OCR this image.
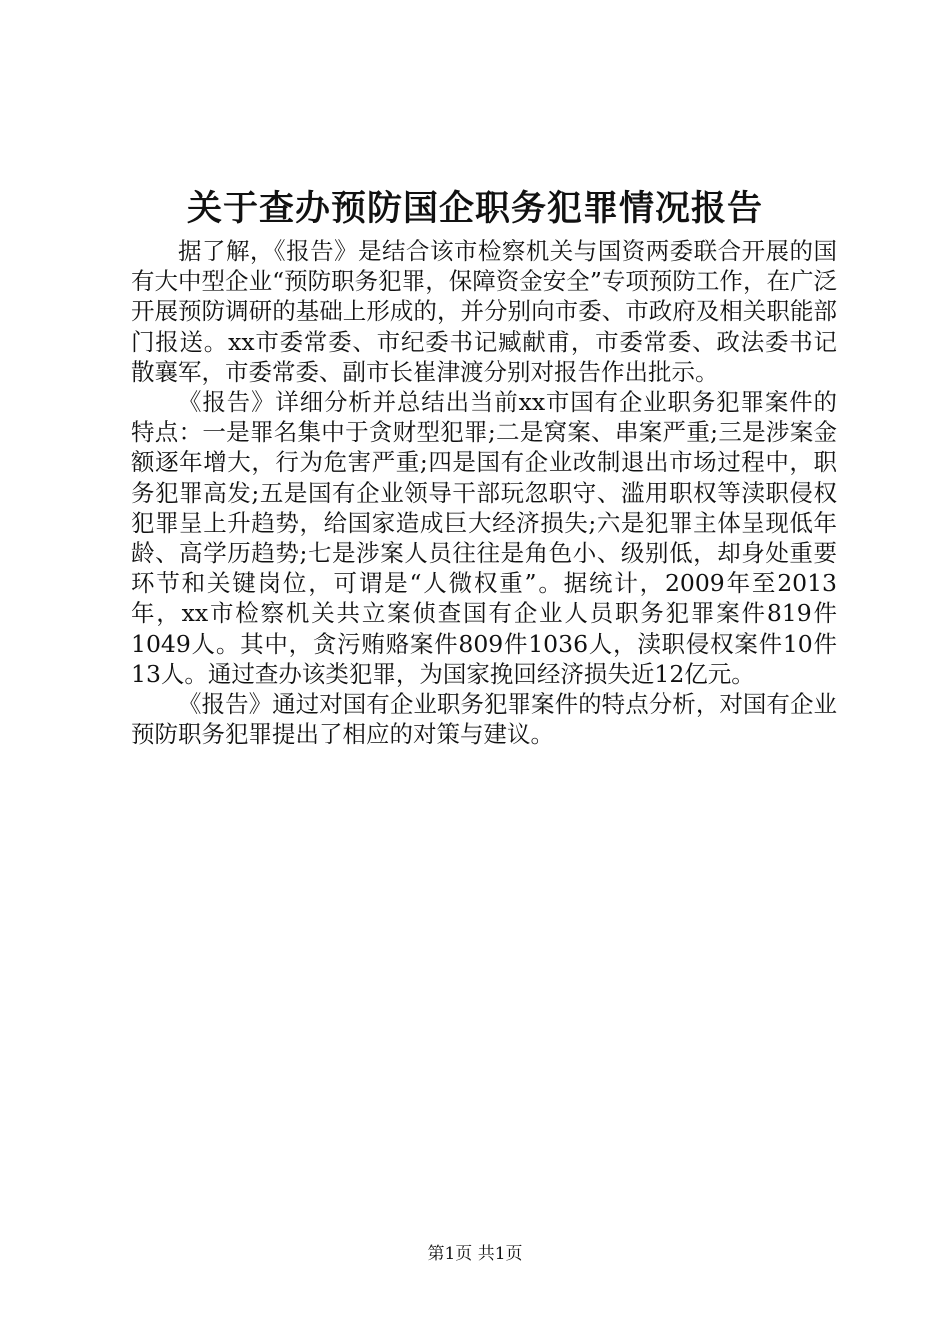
关于查办预防国企职务犯罪情况报告

据了解，《报告》是结合该市检察机关与国资两委联合开展的国有大中型企业“预防职务犯罪，保障资金安全”专项预防工作，在广泛开展预防调研的基础上形成的，并分别向市委、市政府及相关职能部门报送。xx市委常委、市纪委书记臧献甫，市委常委、政法委书记散襄军，市委常委、副市长崔津渡分别对报告作出批示。

《报告》详细分析并总结出当前xx市国有企业职务犯罪案件的特点：一是罪名集中于贪财型犯罪;二是窝案、串案严重;三是涉案金额逐年增大，行为危害严重;四是国有企业改制退出市场过程中，职务犯罪高发;五是国有企业领导干部玩忽职守、滥用职权等渎职侵权犯罪呈上升趋势，给国家造成巨大经济损失;六是犯罪主体呈现低年龄、高学历趋势;七是涉案人员往往是角色小、级别低，却身处重要环节和关键岗位，可谓是“人微权重”。据统计，2009年至2013年，xx市检察机关共立案侦查国有企业人员职务犯罪案件819件1049人。其中，贪污贿赂案件809件1036人，渎职侵权案件10件13人。通过查办该类犯罪，为国家挽回经济损失近12亿元。

《报告》通过对国有企业职务犯罪案件的特点分析，对国有企业预防职务犯罪提出了相应的对策与建议。

第1页 共1页
